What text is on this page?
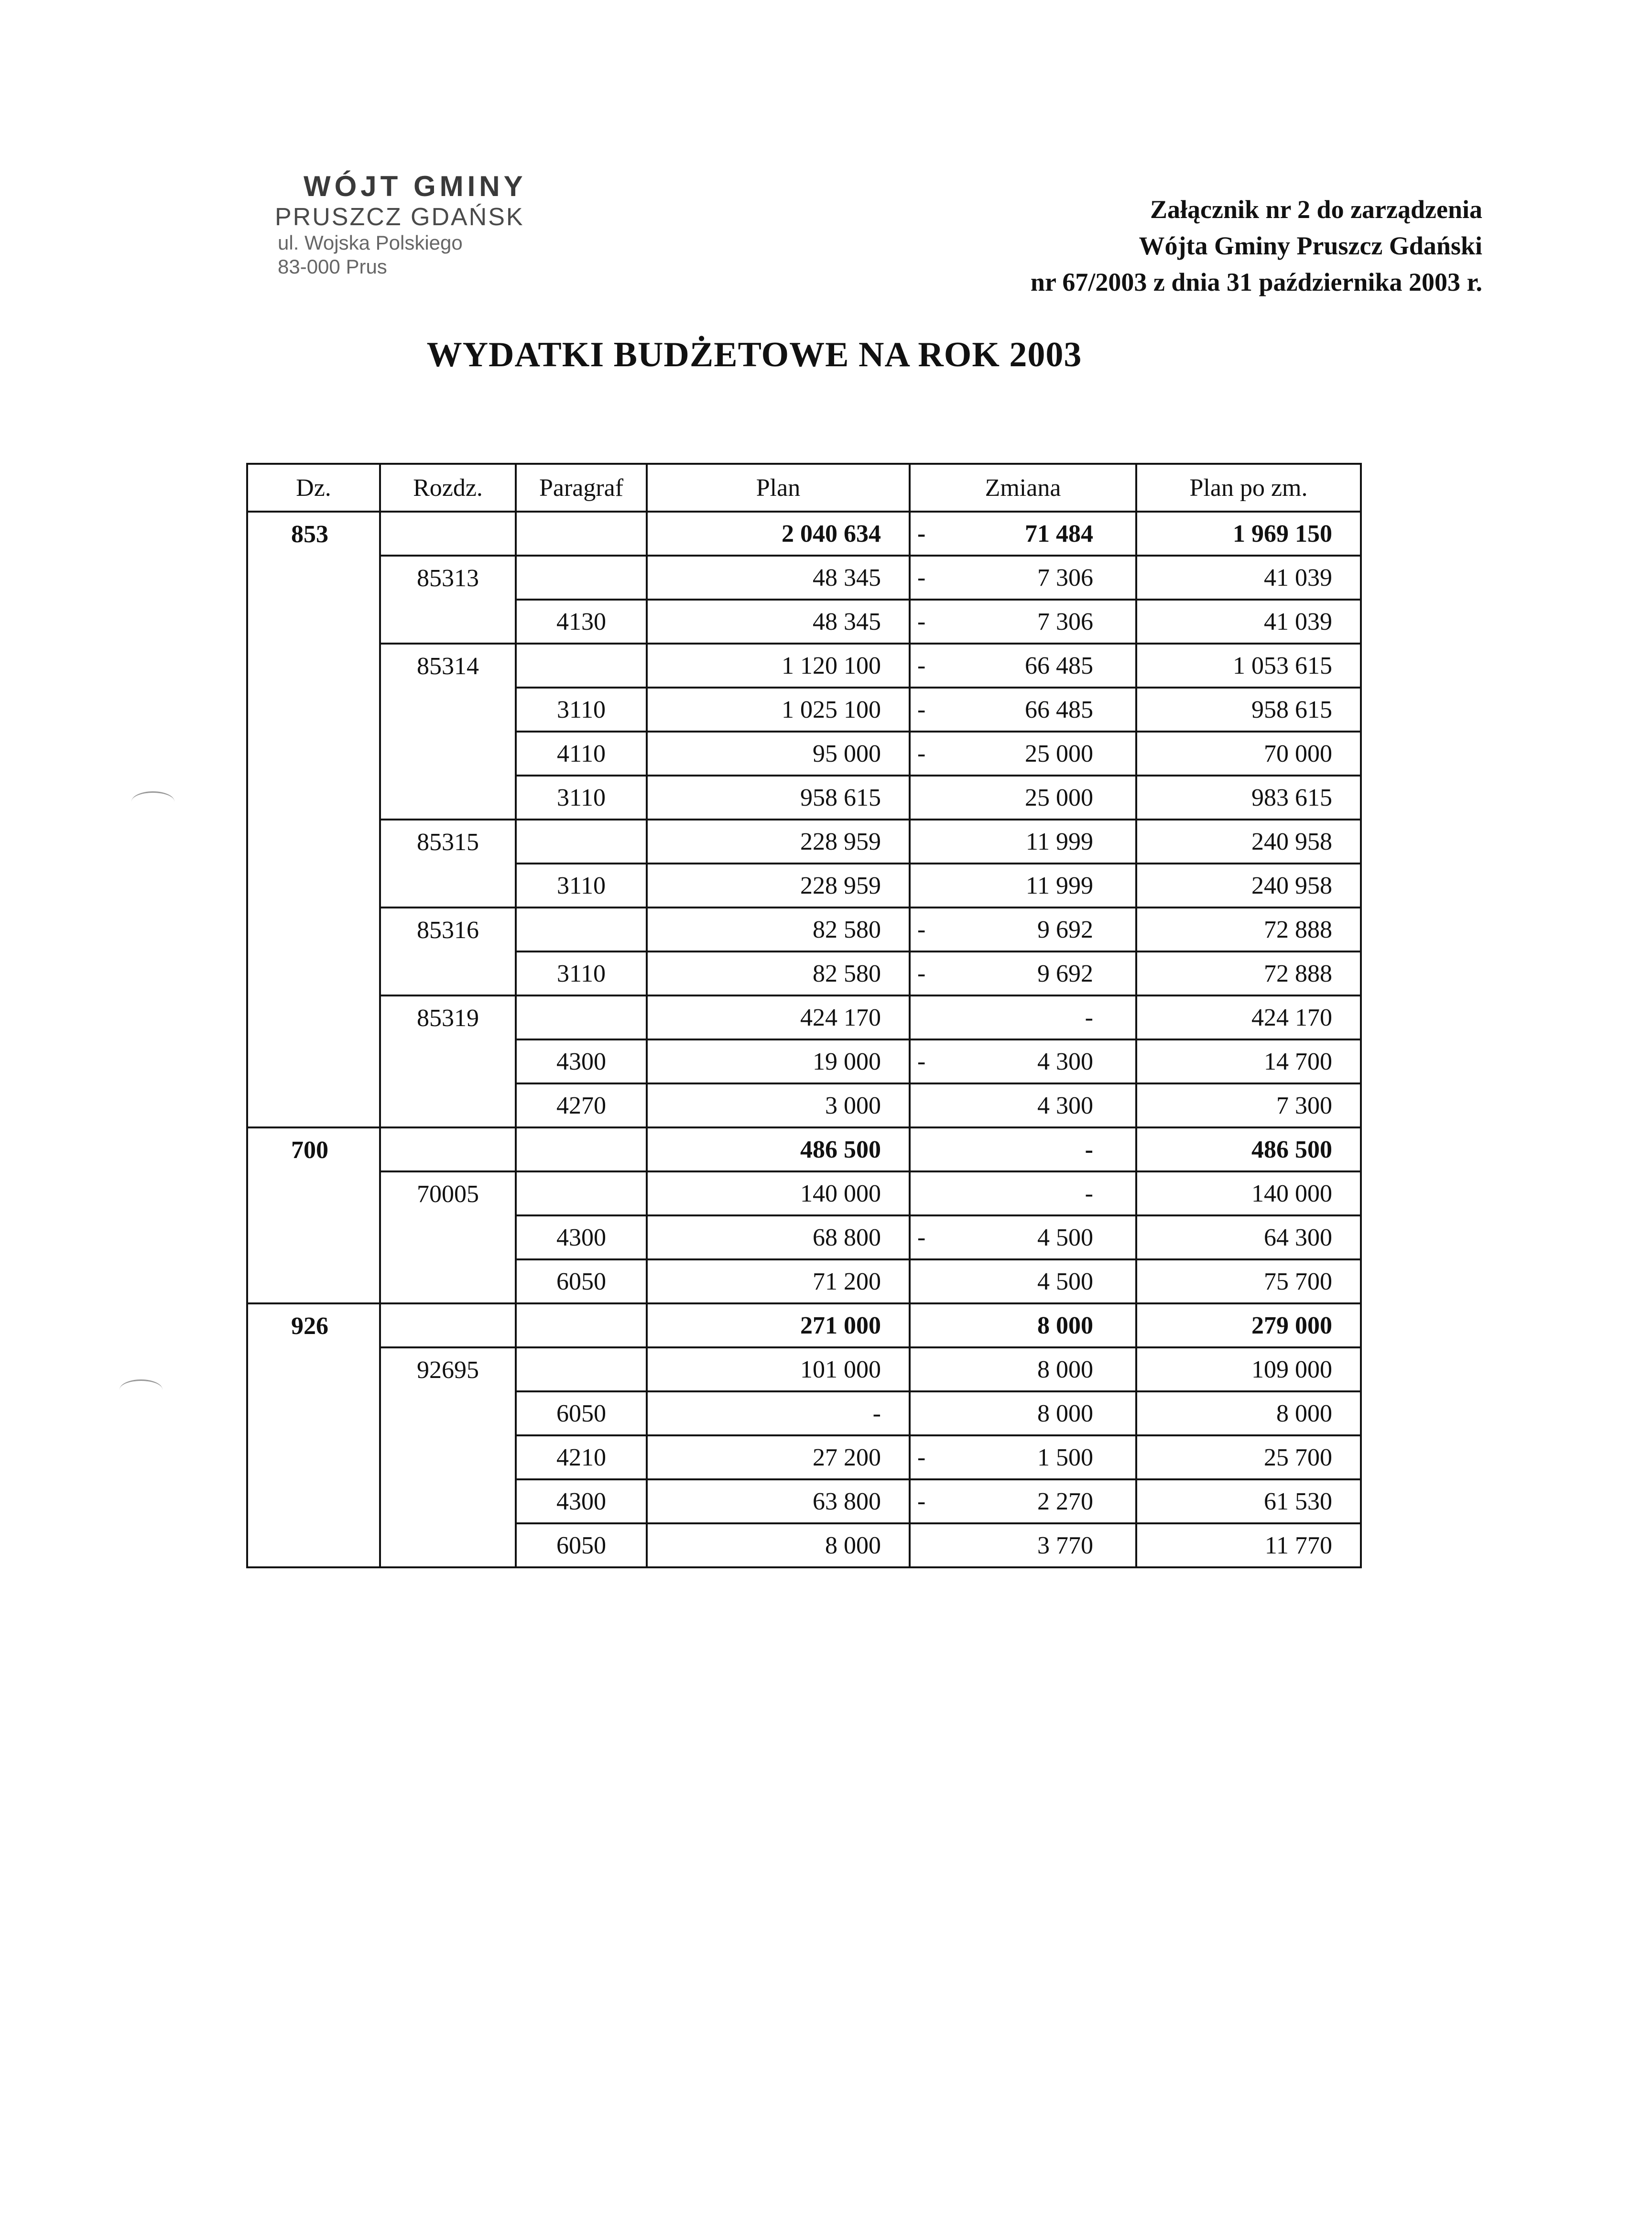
WÓJT GMINY
PRUSZCZ GDAŃSK
ul. Wojska Polskiego
83-000 Prus
Załącznik nr 2 do zarządzenia
Wójta Gminy Pruszcz Gdański
nr 67/2003 z dnia 31 października 2003 r.
WYDATKI BUDŻETOWE NA ROK 2003
Dz.	Rozdz.	Paragraf	Plan	Zmiana	Plan po zm.
853			2 040 634	- 71 484	1 969 150
	85313		48 345	- 7 306	41 039
		4130	48 345	- 7 306	41 039
	85314		1 120 100	- 66 485	1 053 615
		3110	1 025 100	- 66 485	958 615
		4110	95 000	- 25 000	70 000
		3110	958 615	25 000	983 615
	85315		228 959	11 999	240 958
		3110	228 959	11 999	240 958
	85316		82 580	- 9 692	72 888
		3110	82 580	- 9 692	72 888
	85319		424 170	-	424 170
		4300	19 000	- 4 300	14 700
		4270	3 000	4 300	7 300
700			486 500	-	486 500
	70005		140 000	-	140 000
		4300	68 800	- 4 500	64 300
		6050	71 200	4 500	75 700
926			271 000	8 000	279 000
	92695		101 000	8 000	109 000
		6050	-	8 000	8 000
		4210	27 200	- 1 500	25 700
		4300	63 800	- 2 270	61 530
		6050	8 000	3 770	11 770
